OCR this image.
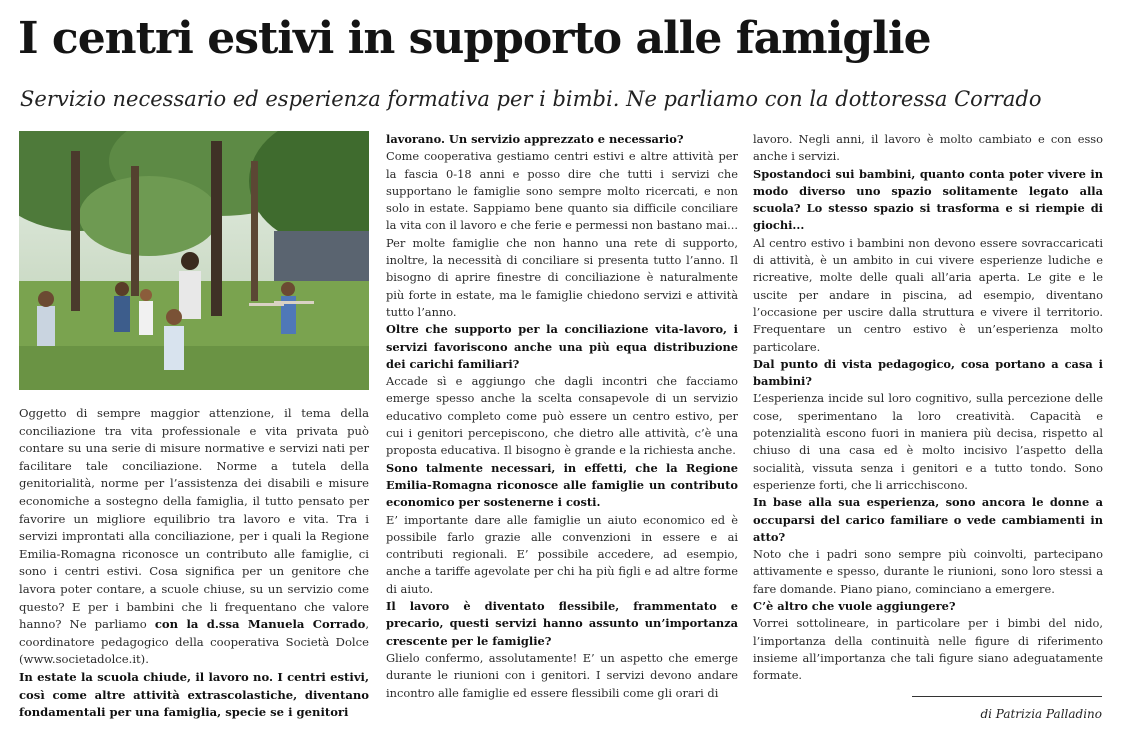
I centri estivi in supporto alle famiglie
Servizio necessario ed esperienza formativa per i bimbi. Ne parliamo con la dottoressa Corrado

Oggetto di sempre maggior attenzione, il tema della conciliazione tra vita professionale e vita privata può contare su una serie di misure normative e servizi nati per facilitare tale conciliazione. Norme a tutela della genitorialità, norme per l’assistenza dei disabili e misure economiche a sostegno della famiglia, il tutto pensato per favorire un migliore equilibrio tra lavoro e vita. Tra i servizi improntati alla conciliazione, per i quali la Regione Emilia-Romagna riconosce un contributo alle famiglie, ci sono i centri estivi. Cosa significa per un genitore che lavora poter contare, a scuole chiuse, su un servizio come questo? E per i bambini che li frequentano che valore hanno? Ne parliamo con la d.ssa Manuela Corrado, coordinatore pedagogico della cooperativa Società Dolce (www.societadolce.it).

In estate la scuola chiude, il lavoro no. I centri estivi, così come altre attività extrascolastiche, diventano fondamentali per una famiglia, specie se i genitori

lavorano. Un servizio apprezzato e necessario?

Come cooperativa gestiamo centri estivi e altre attività per la fascia 0-18 anni e posso dire che tutti i servizi che supportano le famiglie sono sempre molto ricercati, e non solo in estate. Sappiamo bene quanto sia difficile conciliare la vita con il lavoro e che ferie e permessi non bastano mai... Per molte famiglie che non hanno una rete di supporto, inoltre, la necessità di conciliare si presenta tutto l’anno. Il bisogno di aprire finestre di conciliazione è naturalmente più forte in estate, ma le famiglie chiedono servizi e attività tutto l’anno.

Oltre che supporto per la conciliazione vita-lavoro, i servizi favoriscono anche una più equa distribuzione dei carichi familiari?

Accade sì e aggiungo che dagli incontri che facciamo emerge spesso anche la scelta consapevole di un servizio educativo completo come può essere un centro estivo, per cui i genitori percepiscono, che dietro alle attività, c’è una proposta educativa. Il bisogno è grande e la richiesta anche.

Sono talmente necessari, in effetti, che la Regione Emilia-Romagna riconosce alle famiglie un contributo economico per sostenerne i costi.

E’ importante dare alle famiglie un aiuto economico ed è possibile farlo grazie alle convenzioni in essere e ai contributi regionali. E’ possibile accedere, ad esempio, anche a tariffe agevolate per chi ha più figli e ad altre forme di aiuto.

Il lavoro è diventato flessibile, frammentato e precario, questi servizi hanno assunto un’importanza crescente per le famiglie?

Glielo confermo, assolutamente! E’ un aspetto che emerge durante le riunioni con i genitori. I servizi devono andare incontro alle famiglie ed essere flessibili come gli orari di

lavoro. Negli anni, il lavoro è molto cambiato e con esso anche i servizi.

Spostandoci sui bambini, quanto conta poter vivere in modo diverso uno spazio solitamente legato alla scuola? Lo stesso spazio si trasforma e si riempie di giochi...

Al centro estivo i bambini non devono essere sovraccaricati di attività, è un ambito in cui vivere esperienze ludiche e ricreative, molte delle quali all’aria aperta. Le gite e le uscite per andare in piscina, ad esempio, diventano l’occasione per uscire dalla struttura e vivere il territorio. Frequentare un centro estivo è un’esperienza molto particolare.

Dal punto di vista pedagogico, cosa portano a casa i bambini?

L’esperienza incide sul loro cognitivo, sulla percezione delle cose, sperimentano la loro creatività. Capacità e potenzialità escono fuori in maniera più decisa, rispetto al chiuso di una casa ed è molto incisivo l’aspetto della socialità, vissuta senza i genitori e a tutto tondo. Sono esperienze forti, che li arricchiscono.

In base alla sua esperienza, sono ancora le donne a occuparsi del carico familiare o vede cambiamenti in atto?

Noto che i padri sono sempre più coinvolti, partecipano attivamente e spesso, durante le riunioni, sono loro stessi a fare domande. Piano piano, cominciano a emergere.

C’è altro che vuole aggiungere?

Vorrei sottolineare, in particolare per i bimbi del nido, l’importanza della continuità nelle figure di riferimento insieme all’importanza che tali figure siano adeguatamente formate.

di Patrizia Palladino
